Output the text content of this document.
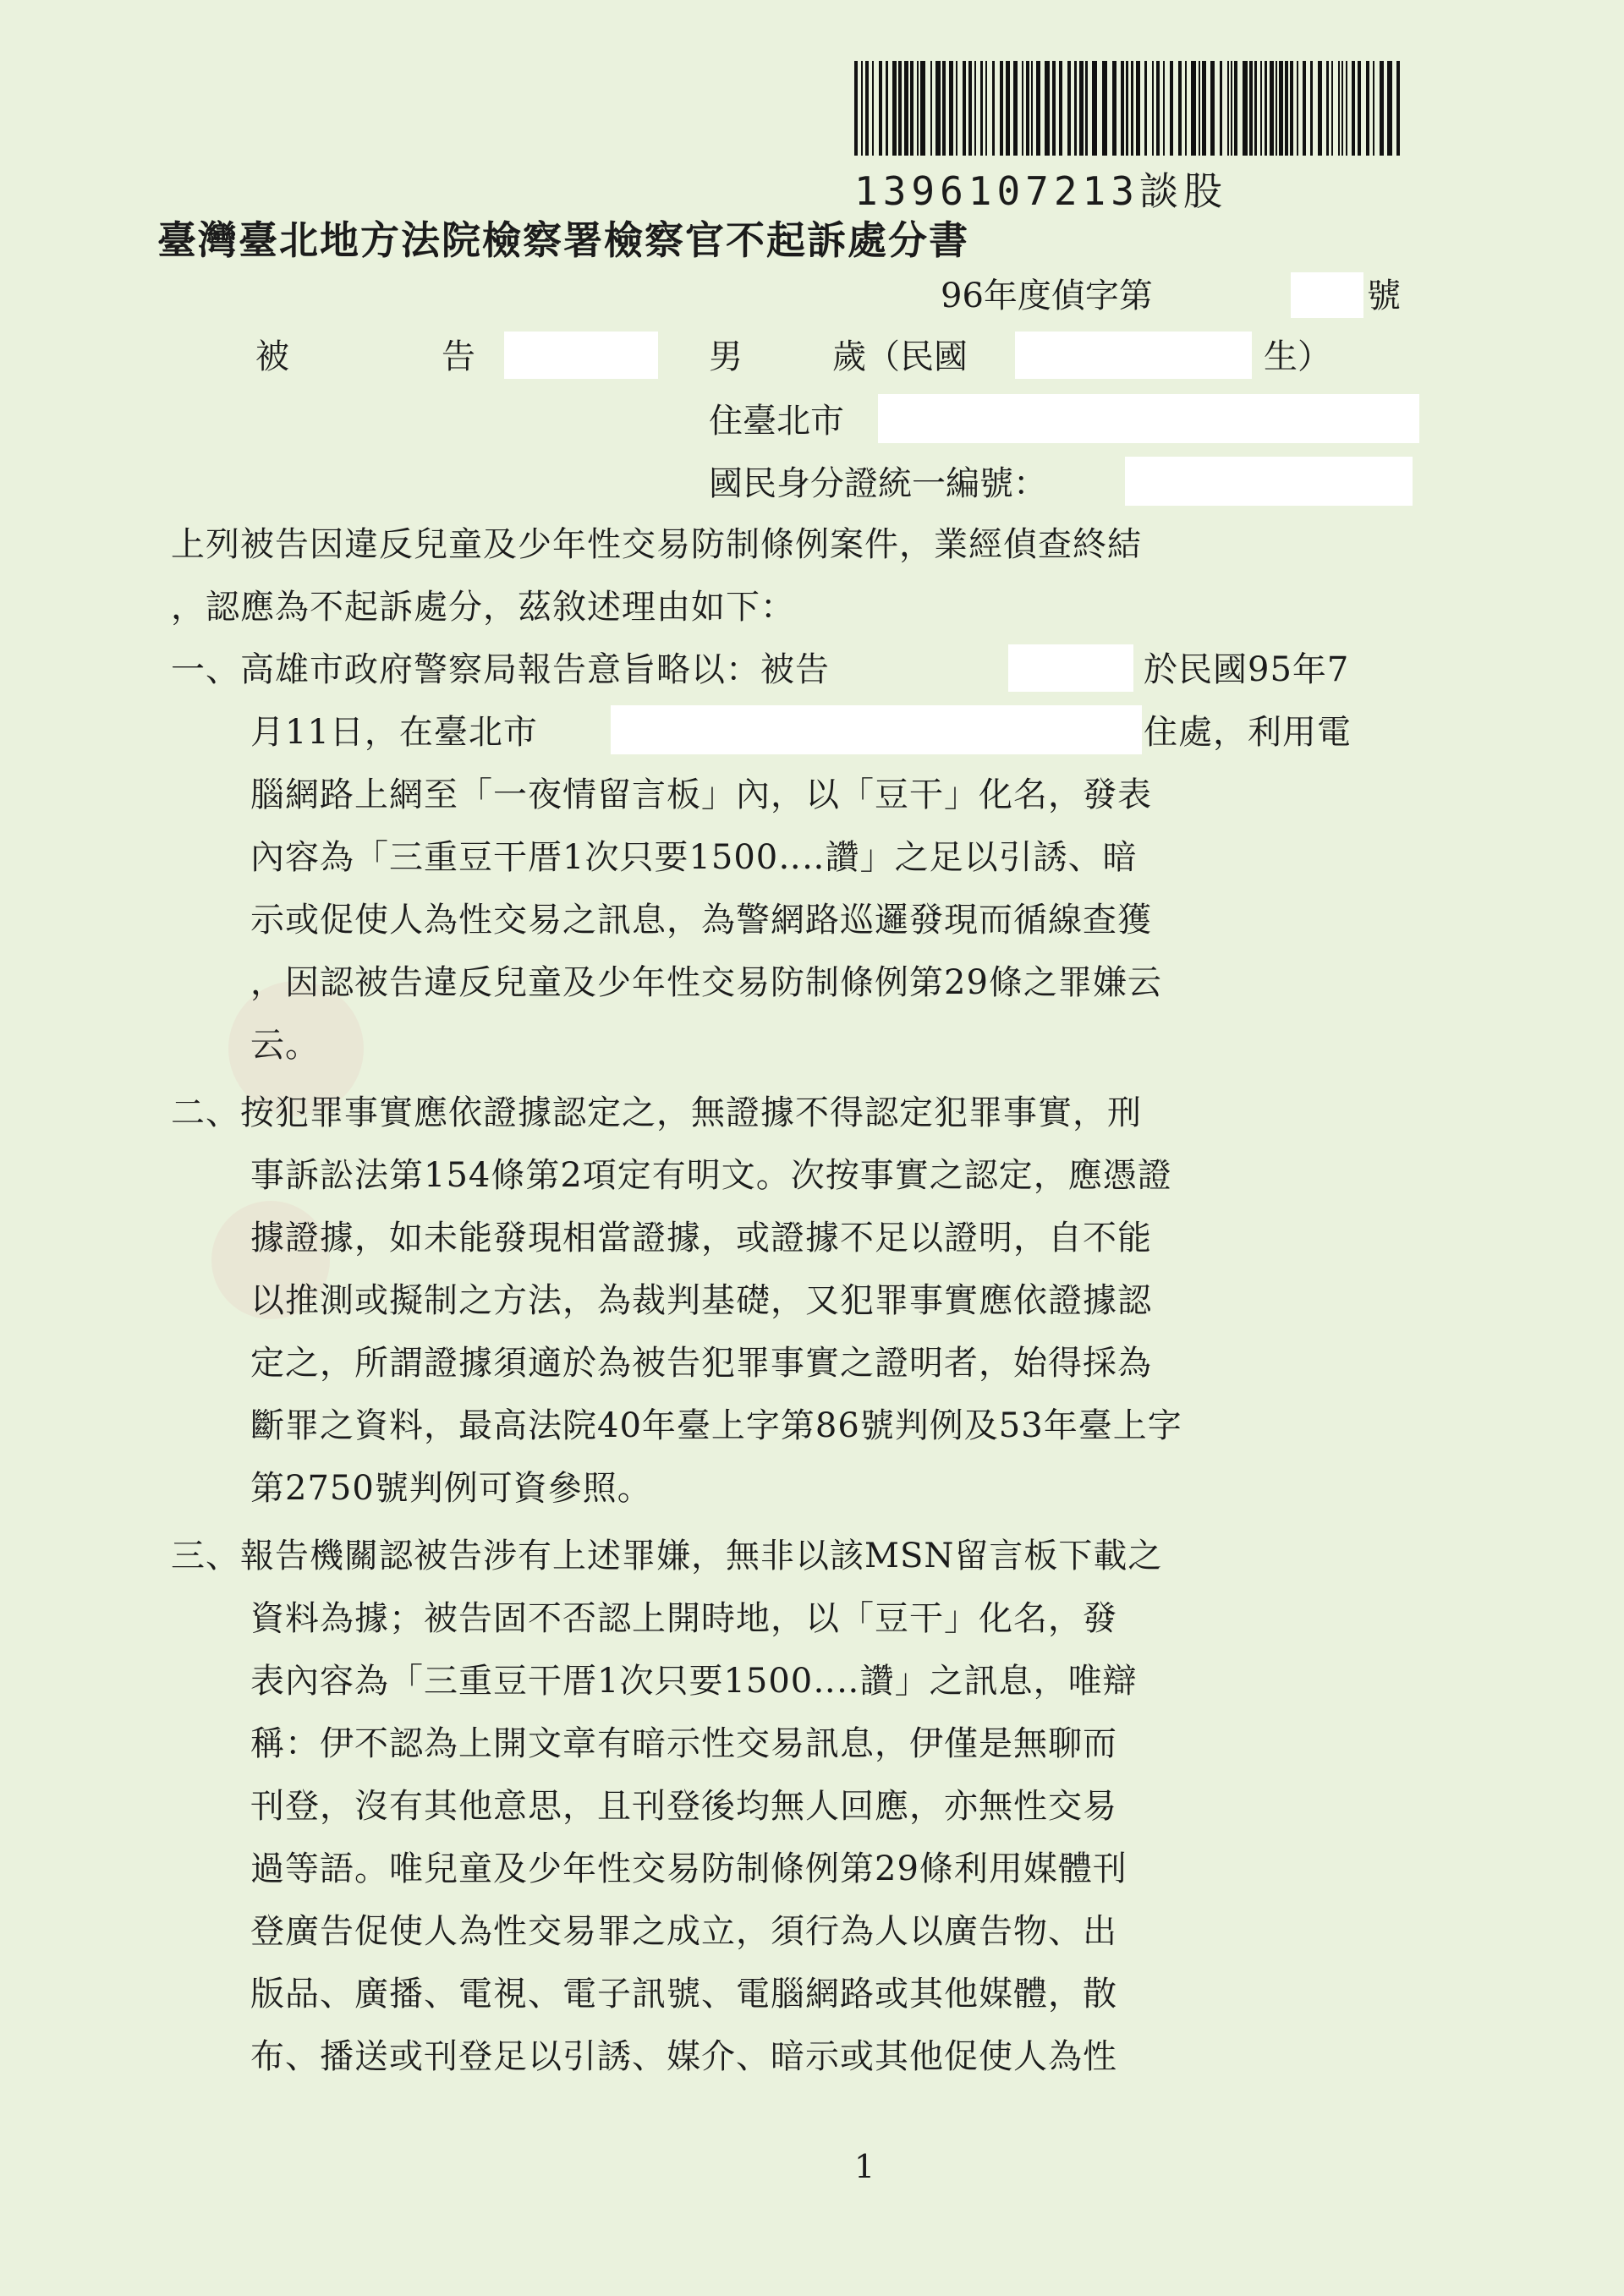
1396107213談股
臺灣臺北地方法院檢察署檢察官不起訴處分書
96年度偵字第	號
被	告	男	歲（民國	生）
住臺北市
國民身分證統一編號：
上列被告因違反兒童及少年性交易防制條例案件，業經偵查終結
，認應為不起訴處分，茲敘述理由如下：
一、高雄市政府警察局報告意旨略以：被告	於民國95年7
月11日，在臺北市	住處，利用電
腦網路上網至「一夜情留言板」內，以「豆干」化名，發表
內容為「三重豆干厝1次只要1500‥‥讚」之足以引誘、暗
示或促使人為性交易之訊息，為警網路巡邏發現而循線查獲
，因認被告違反兒童及少年性交易防制條例第29條之罪嫌云
云。
二、按犯罪事實應依證據認定之，無證據不得認定犯罪事實，刑
事訴訟法第154條第2項定有明文。次按事實之認定，應憑證
據證據，如未能發現相當證據，或證據不足以證明，自不能
以推測或擬制之方法，為裁判基礎，又犯罪事實應依證據認
定之，所謂證據須適於為被告犯罪事實之證明者，始得採為
斷罪之資料，最高法院40年臺上字第86號判例及53年臺上字
第2750號判例可資參照。
三、報告機關認被告涉有上述罪嫌，無非以該MSN留言板下載之
資料為據；被告固不否認上開時地，以「豆干」化名，發
表內容為「三重豆干厝1次只要1500‥‥讚」之訊息，唯辯
稱：伊不認為上開文章有暗示性交易訊息，伊僅是無聊而
刊登，沒有其他意思，且刊登後均無人回應，亦無性交易
過等語。唯兒童及少年性交易防制條例第29條利用媒體刊
登廣告促使人為性交易罪之成立，須行為人以廣告物、出
版品、廣播、電視、電子訊號、電腦網路或其他媒體，散
布、播送或刊登足以引誘、媒介、暗示或其他促使人為性
1
